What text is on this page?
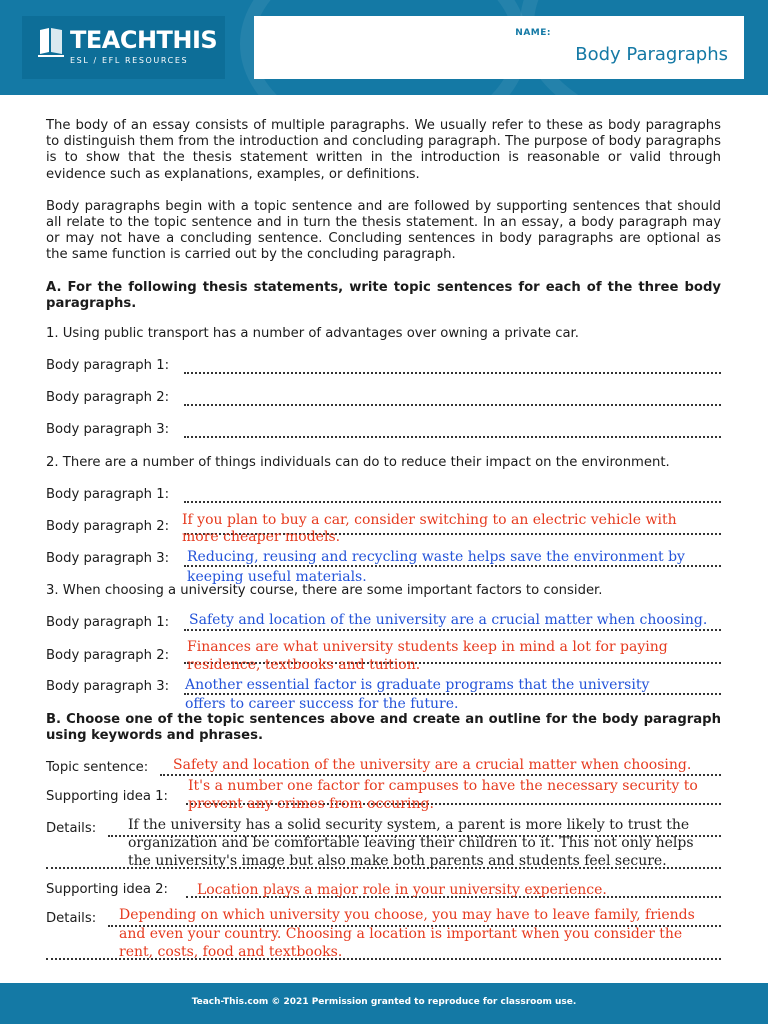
TEACHTHIS
ESL / EFL RESOURCES
NAME:
Body Paragraphs

The body of an essay consists of multiple paragraphs. We usually refer to these as body paragraphs to distinguish them from the introduction and concluding paragraph. The purpose of body paragraphs is to show that the thesis statement written in the introduction is reasonable or valid through evidence such as explanations, examples, or definitions.

Body paragraphs begin with a topic sentence and are followed by supporting sentences that should all relate to the topic sentence and in turn the thesis statement. In an essay, a body paragraph may or may not have a concluding sentence. Concluding sentences in body paragraphs are optional as the same function is carried out by the concluding paragraph.

A. For the following thesis statements, write topic sentences for each of the three body paragraphs.

1. Using public transport has a number of advantages over owning a private car.
Body paragraph 1:
Body paragraph 2:
Body paragraph 3:
2. There are a number of things individuals can do to reduce their impact on the environment.
Body paragraph 1:
Body paragraph 2: If you plan to buy a car, consider switching to an electric vehicle with
more cheaper models.
Body paragraph 3:	Reducing, reusing and recycling waste helps save the environment by
keeping useful materials.
3. When choosing a university course, there are some important factors to consider.
Body paragraph 1:	Safety and location of the university are a crucial matter when choosing.
Body paragraph 2:
Finances are what university students keep in mind a lot for paying
residence, textbooks and tuition.
Body paragraph 3:	Another essential factor is graduate programs that the university
offers to career success for the future.
B. Choose one of the topic sentences above and create an outline for the body paragraph using keywords and phrases.
Topic sentence:	Safety and location of the university are a crucial matter when choosing.
Supporting idea 1:
It's a number one factor for campuses to have the necessary security to
prevent any crimes from occuring.
Details:	If the university has a solid security system, a parent is more likely to trust the
organization and be comfortable leaving their children to it. This not only helps
the university's image but also make both parents and students feel secure.
Supporting idea 2:	Location plays a major role in your university experience.
Details:	Depending on which university you choose, you may have to leave family, friends
and even your country. Choosing a location is important when you consider the
rent, costs, food and textbooks.
Teach-This.com © 2021 Permission granted to reproduce for classroom use.
